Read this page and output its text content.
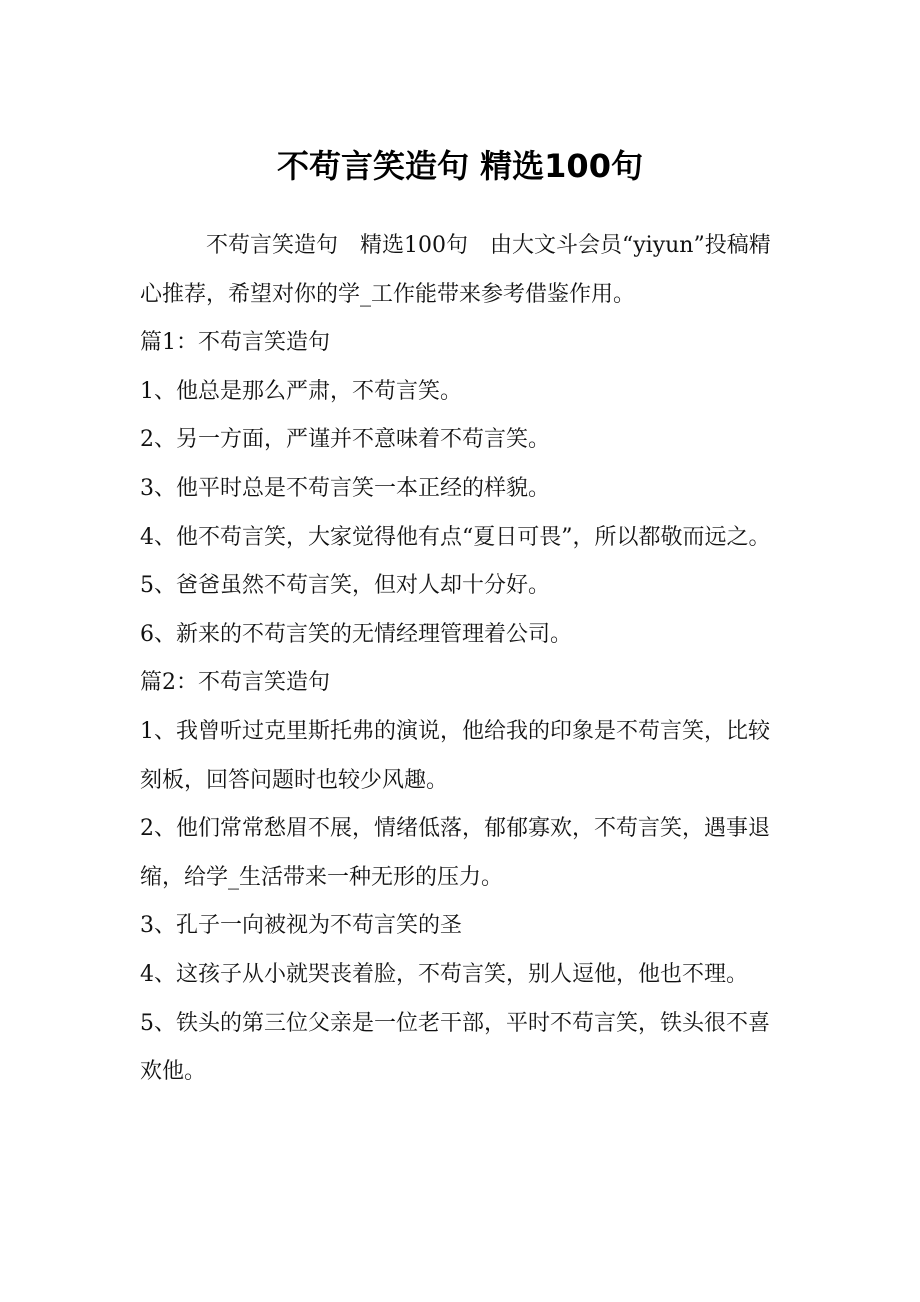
不苟言笑造句 精选100句

不苟言笑造句　精选100句　由大文斗会员“yiyun”投稿精心推荐，希望对你的学_工作能带来参考借鉴作用。

篇1：不苟言笑造句

1、他总是那么严肃，不苟言笑。

2、另一方面，严谨并不意味着不苟言笑。

3、他平时总是不苟言笑一本正经的样貌。

4、他不苟言笑，大家觉得他有点“夏日可畏”，所以都敬而远之。

5、爸爸虽然不苟言笑，但对人却十分好。

6、新来的不苟言笑的无情经理管理着公司。

篇2：不苟言笑造句

1、我曾听过克里斯托弗的演说，他给我的印象是不苟言笑，比较刻板，回答问题时也较少风趣。

2、他们常常愁眉不展，情绪低落，郁郁寡欢，不苟言笑，遇事退缩，给学_生活带来一种无形的压力。

3、孔子一向被视为不苟言笑的圣

4、这孩子从小就哭丧着脸，不苟言笑，别人逗他，他也不理。

5、铁头的第三位父亲是一位老干部，平时不苟言笑，铁头很不喜欢他。
